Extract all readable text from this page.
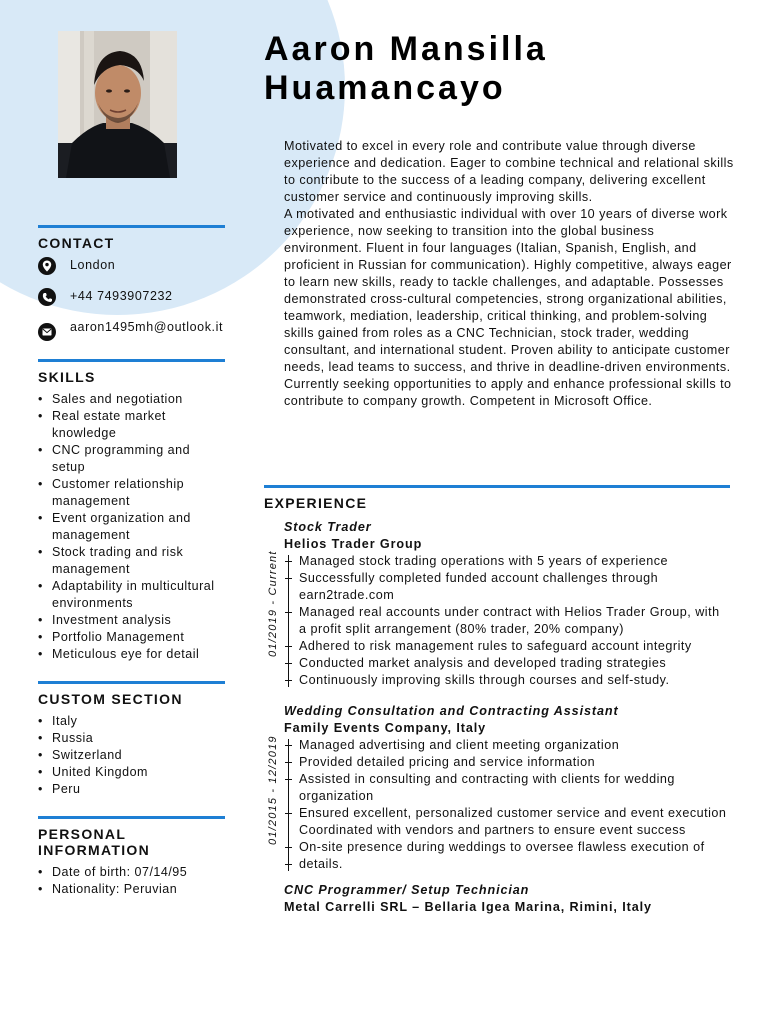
Aaron Mansilla Huamancayo

Motivated to excel in every role and contribute value through diverse experience and dedication. Eager to combine technical and relational skills to contribute to the success of a leading company, delivering excellent customer service and continuously improving skills.

A motivated and enthusiastic individual with over 10 years of diverse work experience, now seeking to transition into the global business environment. Fluent in four languages (Italian, Spanish, English, and proficient in Russian for communication). Highly competitive, always eager to learn new skills, ready to tackle challenges, and adaptable. Possesses demonstrated cross-cultural competencies, strong organizational abilities, teamwork, mediation, leadership, critical thinking, and problem-solving skills gained from roles as a CNC Technician, stock trader, wedding consultant, and international student. Proven ability to anticipate customer needs, lead teams to success, and thrive in deadline-driven environments. Currently seeking opportunities to apply and enhance professional skills to contribute to company growth. Competent in Microsoft Office.

CONTACT
London
+44 7493907232
aaron1495mh@outlook.it
SKILLS
• Sales and negotiation
• Real estate market knowledge
• CNC programming and setup
• Customer relationship management
• Event organization and management
• Stock trading and risk management
• Adaptability in multicultural environments
• Investment analysis
• Portfolio Management
• Meticulous eye for detail
CUSTOM SECTION
• Italy
• Russia
• Switzerland
• United Kingdom
• Peru
PERSONAL INFORMATION
• Date of birth: 07/14/95
• Nationality: Peruvian
EXPERIENCE
Stock Trader
Helios Trader Group
01/2019 - Current Managed stock trading operations with 5 years of experience
Successfully completed funded account challenges through earn2trade.com
Managed real accounts under contract with Helios Trader Group, with a profit split arrangement (80% trader, 20% company)
Adhered to risk management rules to safeguard account integrity
Conducted market analysis and developed trading strategies
Continuously improving skills through courses and self-study.
Wedding Consultation and Contracting Assistant
Family Events Company, Italy
01/2015 - 12/2019 Managed advertising and client meeting organization
Provided detailed pricing and service information
Assisted in consulting and contracting with clients for wedding organization
Ensured excellent, personalized customer service and event execution
Coordinated with vendors and partners to ensure event success
On-site presence during weddings to oversee flawless execution of details.
CNC Programmer/ Setup Technician
Metal Carrelli SRL – Bellaria Igea Marina, Rimini, Italy
